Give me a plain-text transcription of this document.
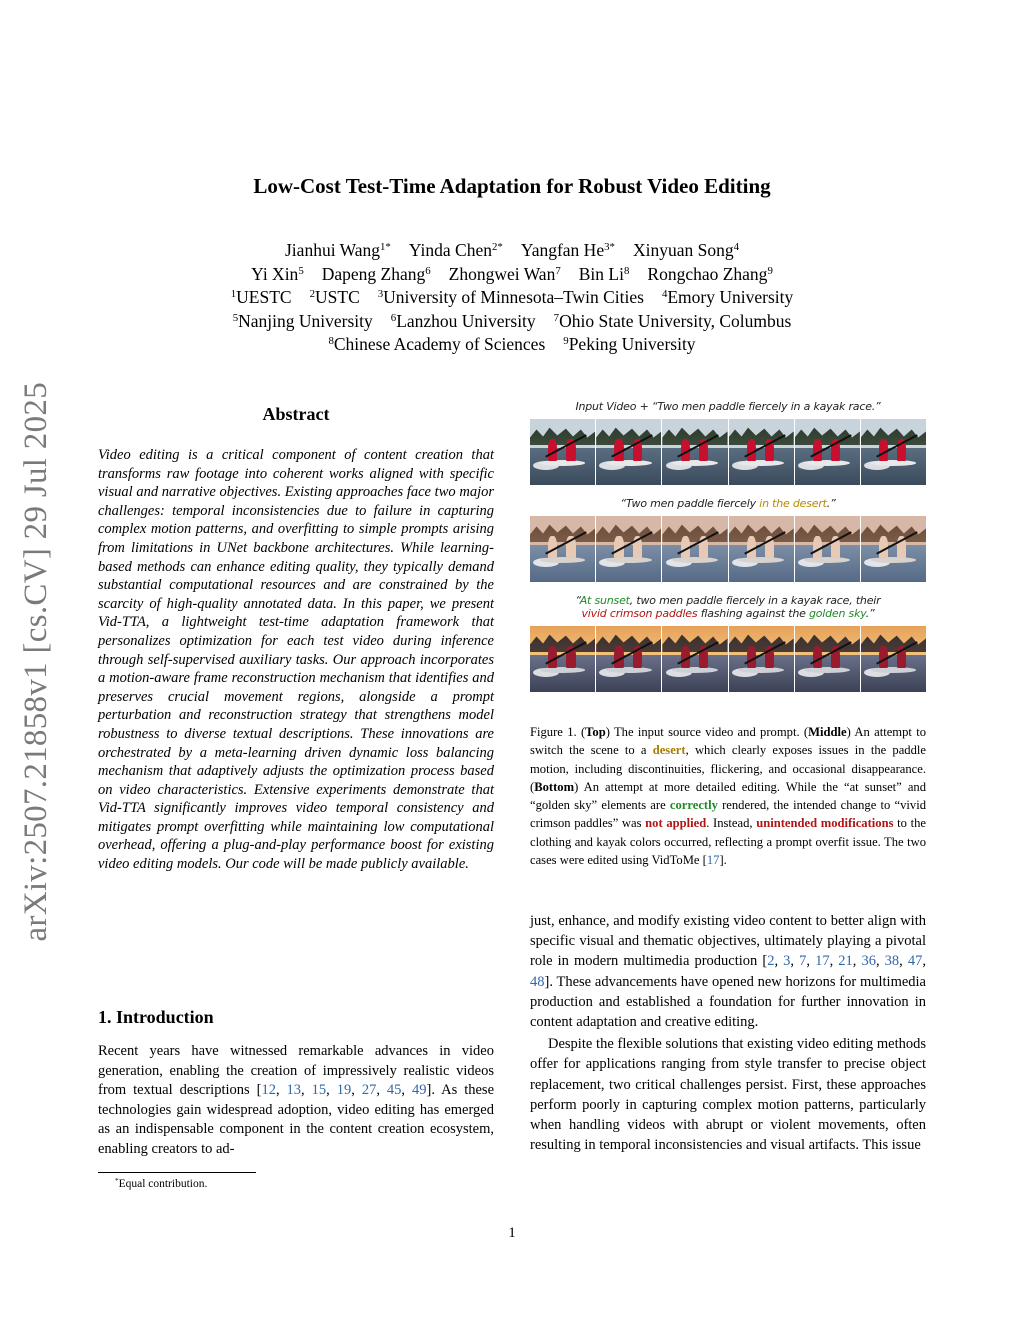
arXiv:2507.21858v1 [cs.CV] 29 Jul 2025
Low-Cost Test-Time Adaptation for Robust Video Editing
Jianhui Wang$^{1*}$ Yinda Chen$^{2*}$ Yangfan $He^{3*}$ Xinyuan Song$^4$
Yi Xin$^5$ Dapeng Zhang$^6$ Zhongwei Wan$^7$ Bin Li$^8$ Rongchao Zhang$^9$
$^1$UESTC $^2$USTC $^3$University of Minnesota–Twin Cities $^4$Emory University
$^5$Nanjing University $^6$Lanzhou University $^7$Ohio State University, Columbus
$^8$Chinese Academy of Sciences $^9$Peking University
Abstract
Video editing is a critical component of content creation that transforms raw footage into coherent works aligned with specific visual and narrative objectives. Existing approaches face two major challenges: temporal inconsistencies due to failure in capturing complex motion patterns, and overfitting to simple prompts arising from limitations in UNet backbone architectures. While learning-based methods can enhance editing quality, they typically demand substantial computational resources and are constrained by the scarcity of high-quality annotated data. In this paper, we present Vid-TTA, a lightweight test-time adaptation framework that personalizes optimization for each test video during inference through self-supervised auxiliary tasks. Our approach incorporates a motion-aware frame reconstruction mechanism that identifies and preserves crucial movement regions, alongside a prompt perturbation and reconstruction strategy that strengthens model robustness to diverse textual descriptions. These innovations are orchestrated by a meta-learning driven dynamic loss balancing mechanism that adaptively adjusts the optimization process based on video characteristics. Extensive experiments demonstrate that Vid-TTA significantly improves video temporal consistency and mitigates prompt overfitting while maintaining low computational overhead, offering a plug-and-play performance boost for existing video editing models. Our code will be made publicly available.
1. Introduction

Recent years have witnessed remarkable advances in video generation, enabling the creation of impressively realistic videos from textual descriptions [12, 13, 15, 19, 27, 45, 49]. As these technologies gain widespread adoption, video editing has emerged as an indispensable component in the content creation ecosystem, enabling creators to ad-

*Equal contribution.
Input Video + “Two men paddle fiercely in a kayak race.”
“Two men paddle fiercely in the desert.”
“At sunset, two men paddle fiercely in a kayak race, their
vivid crimson paddles flashing against the golden sky.”

Figure 1. (Top) The input source video and prompt. (Middle) An attempt to switch the scene to a desert, which clearly exposes issues in the paddle motion, including discontinuities, flickering, and occasional disappearance. (Bottom) An attempt at more detailed editing. While the “at sunset” and “golden sky” elements are correctly rendered, the intended change to “vivid crimson paddles” was not applied. Instead, unintended modifications to the clothing and kayak colors occurred, reflecting a prompt overfit issue. The two cases were edited using VidToMe [17].

just, enhance, and modify existing video content to better align with specific visual and thematic objectives, ultimately playing a pivotal role in modern multimedia production [2, 3, 7, 17, 21, 36, 38, 47, 48]. These advancements have opened new horizons for multimedia production and established a foundation for further innovation in content adaptation and creative editing.

Despite the flexible solutions that existing video editing methods offer for applications ranging from style transfer to precise object replacement, two critical challenges persist. First, these approaches perform poorly in capturing complex motion patterns, particularly when handling videos with abrupt or violent movements, often resulting in temporal inconsistencies and visual artifacts. This issue

1
